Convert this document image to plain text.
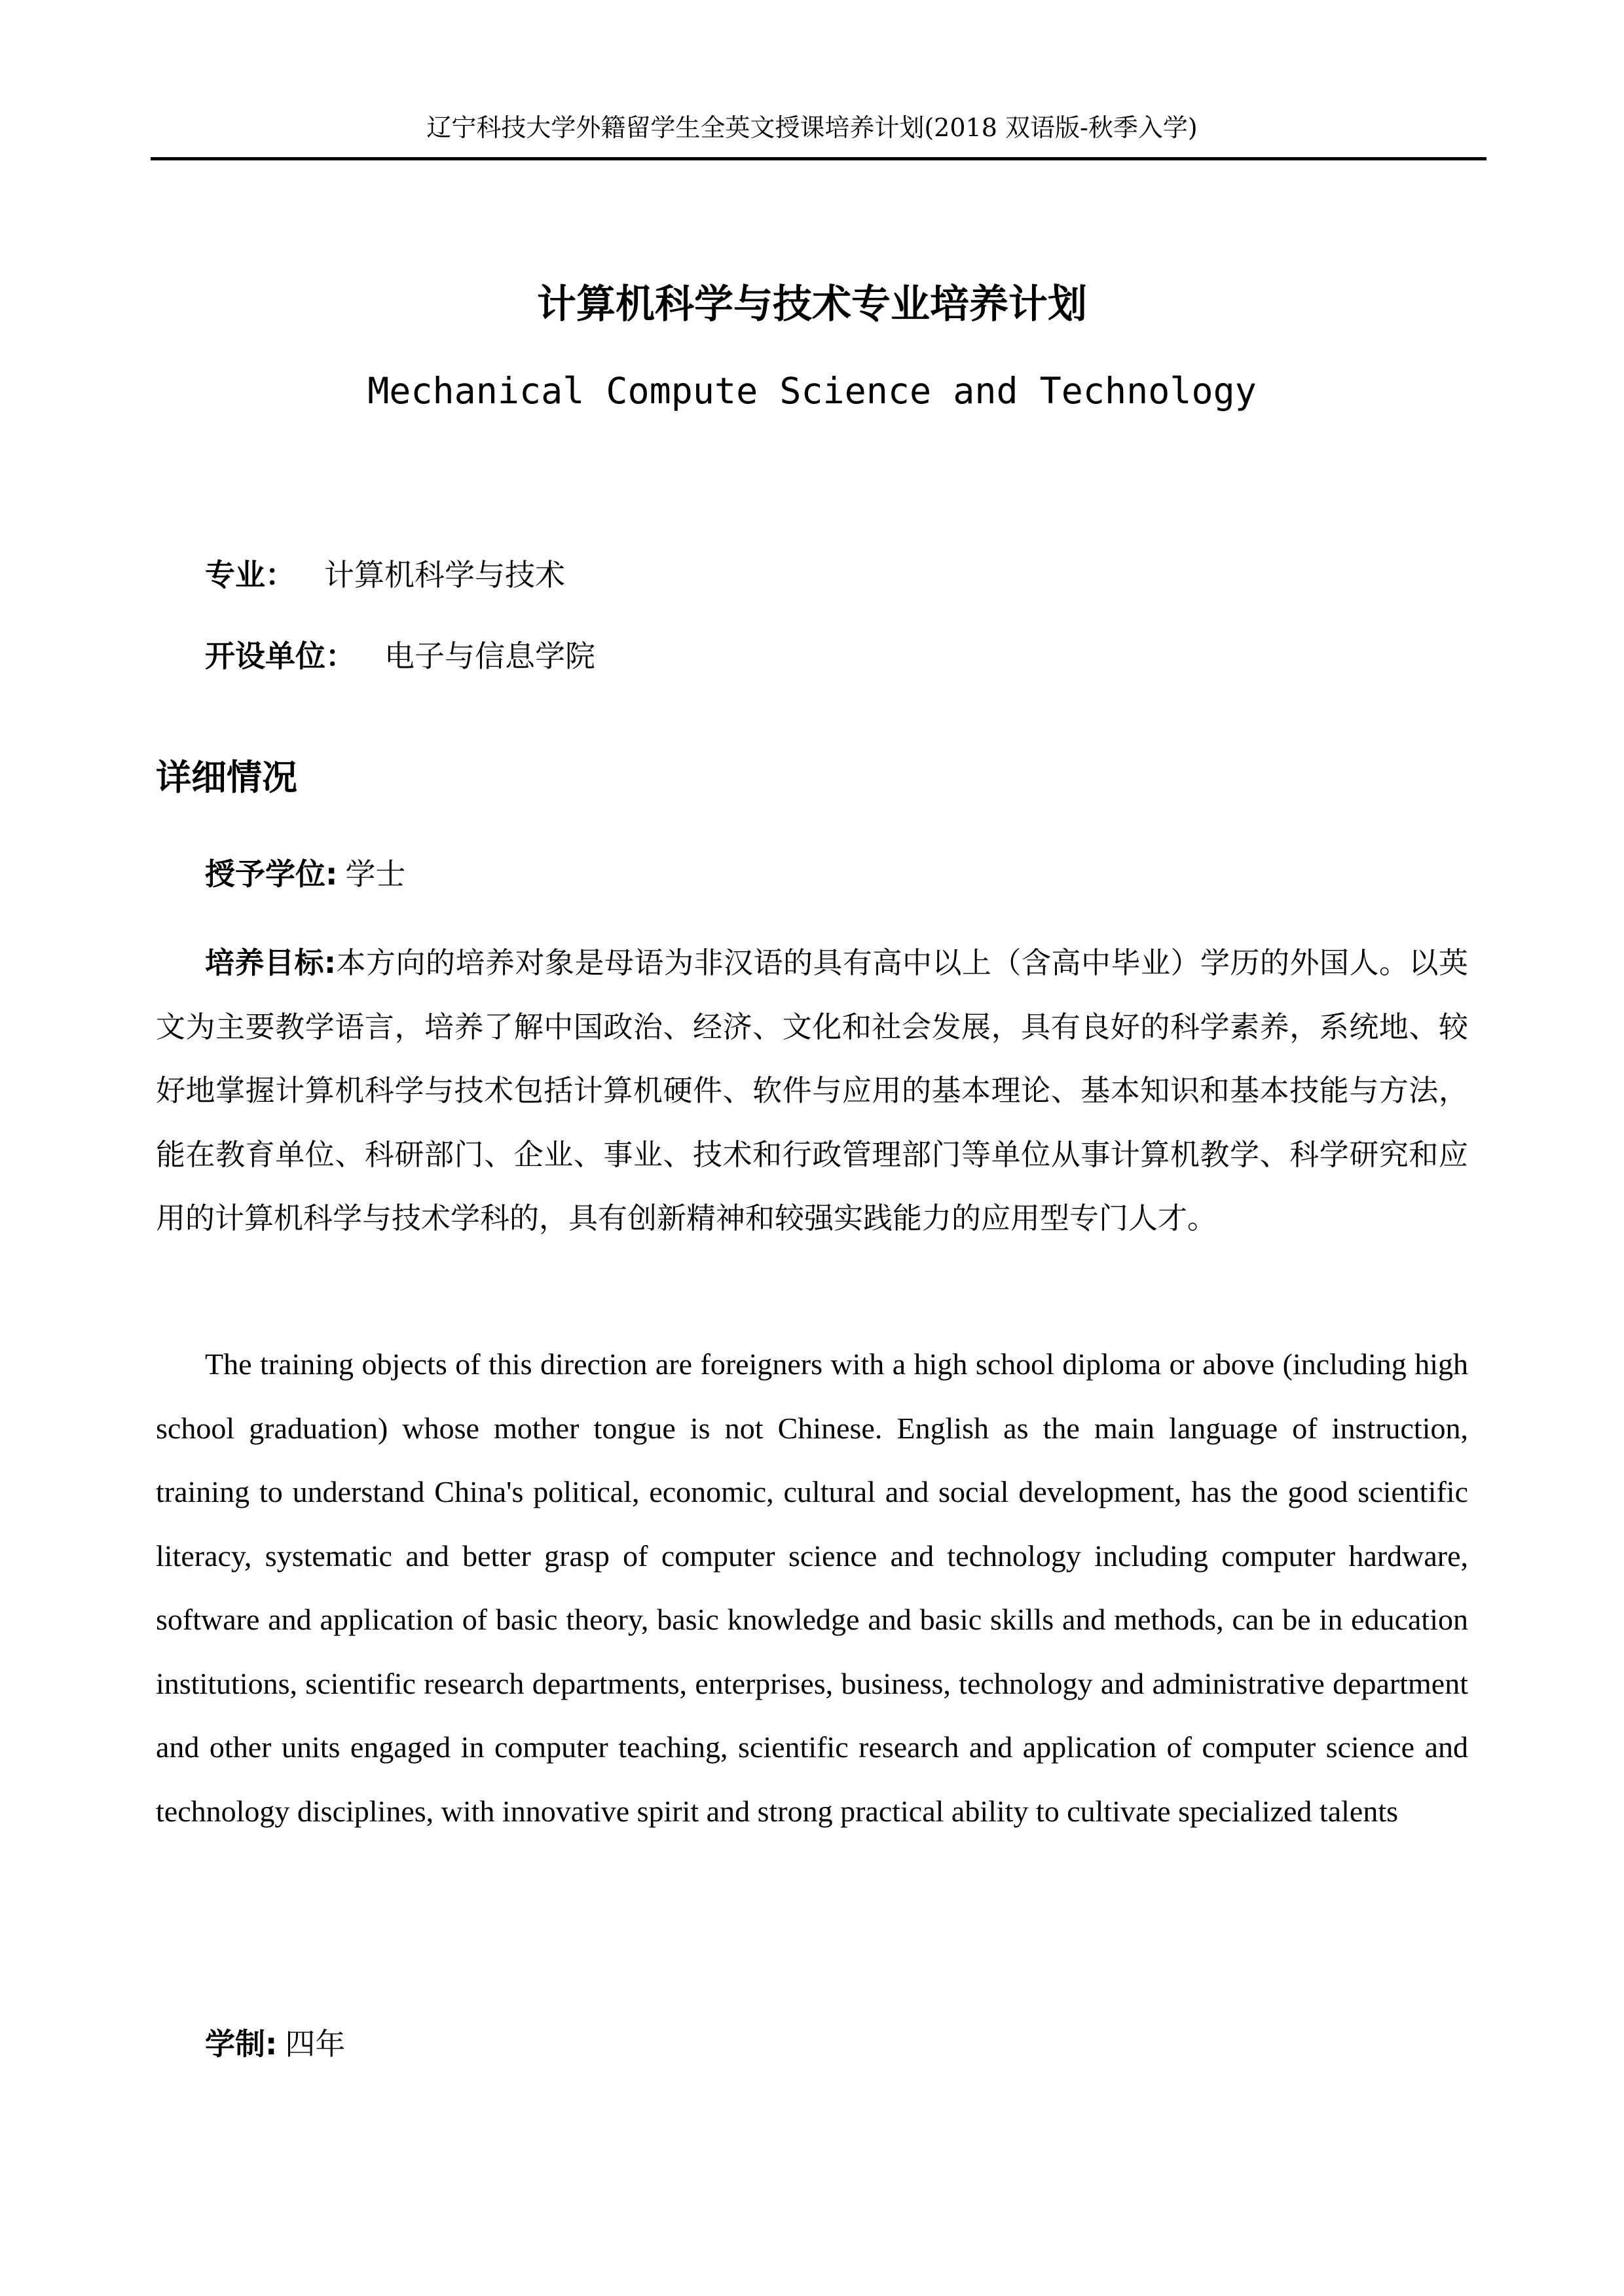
辽宁科技大学外籍留学生全英文授课培养计划(2018 双语版-秋季入学)
计算机科学与技术专业培养计划
Mechanical Compute Science and Technology
专业： 计算机科学与技术
开设单位： 电子与信息学院
详细情况
授予学位: 学士
培养目标:本方向的培养对象是母语为非汉语的具有高中以上（含高中毕业）学历的外国人。以英文为主要教学语言，培养了解中国政治、经济、文化和社会发展，具有良好的科学素养，系统地、较好地掌握计算机科学与技术包括计算机硬件、软件与应用的基本理论、基本知识和基本技能与方法，能在教育单位、科研部门、企业、事业、技术和行政管理部门等单位从事计算机教学、科学研究和应用的计算机科学与技术学科的，具有创新精神和较强实践能力的应用型专门人才。
The training objects of this direction are foreigners with a high school diploma or above (including high school graduation) whose mother tongue is not Chinese. English as the main language of instruction, training to understand China's political, economic, cultural and social development, has the good scientific literacy, systematic and better grasp of computer science and technology including computer hardware, software and application of basic theory, basic knowledge and basic skills and methods, can be in education institutions, scientific research departments, enterprises, business, technology and administrative department and other units engaged in computer teaching, scientific research and application of computer science and technology disciplines, with innovative spirit and strong practical ability to cultivate specialized talents
学制: 四年
